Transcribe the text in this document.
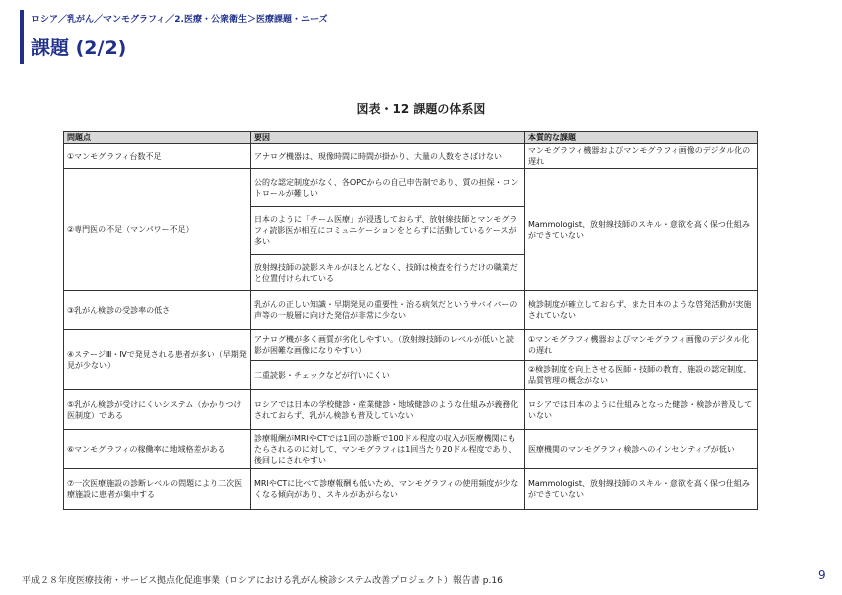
ロシア／乳がん／マンモグラフィ／2.医療・公衆衛生＞医療課題・ニーズ
課題 (2/2)
図表・12 課題の体系図
問題点	要因	本質的な課題
①マンモグラフィ台数不足	アナログ機器は、現像時間に時間が掛かり、大量の人数をさばけない	マンモグラフィ機器およびマンモグラフィ画像のデジタル化の遅れ
②専門医の不足（マンパワー不足）	公的な認定制度がなく、各OPCからの自己申告制であり、質の担保・コントロールが難しい	Mammologist、放射線技師のスキル・意欲を高く保つ仕組みができていない
	日本のように「チーム医療」が浸透しておらず、放射線技師とマンモグラフィ読影医が相互にコミュニケーションをとらずに活動しているケースが多い	
	放射線技師の読影スキルがほとんどなく、技師は検査を行うだけの職業だと位置付けられている	
③乳がん検診の受診率の低さ	乳がんの正しい知識・早期発見の重要性・治る病気だというサバイバーの声等の一般層に向けた発信が非常に少ない	検診制度が確立しておらず、また日本のような啓発活動が実施されていない
④ステージⅢ・Ⅳで発見される患者が多い（早期発見が少ない）	アナログ機が多く画質が劣化しやすい。（放射線技師のレベルが低いと読影が困難な画像になりやすい）	①マンモグラフィ機器およびマンモグラフィ画像のデジタル化の遅れ
	二重読影・チェックなどが行いにくい	②検診制度を向上させる医師・技師の教育、施設の認定制度、品質管理の概念がない
⑤乳がん検診が受けにくいシステム（かかりつけ医制度）である	ロシアでは日本の学校健診・産業健診・地域健診のような仕組みが義務化されておらず、乳がん検診も普及していない	ロシアでは日本のように仕組みとなった健診・検診が普及していない
⑥マンモグラフィの稼働率に地域格差がある	診療報酬がMRIやCTでは1回の診断で100ドル程度の収入が医療機関にもたらされるのに対して、マンモグラフィは1回当たり20ドル程度であり、後回しにされやすい	医療機関のマンモグラフィ検診へのインセンティブが低い
⑦一次医療施設の診断レベルの問題により二次医療施設に患者が集中する	MRIやCTに比べて診療報酬も低いため、マンモグラフィの使用頻度が少なくなる傾向があり、スキルがあがらない	Mammologist、放射線技師のスキル・意欲を高く保つ仕組みができていない
平成２８年度医療技術・サービス拠点化促進事業（ロシアにおける乳がん検診システム改善プロジェクト）報告書 p.16	9
